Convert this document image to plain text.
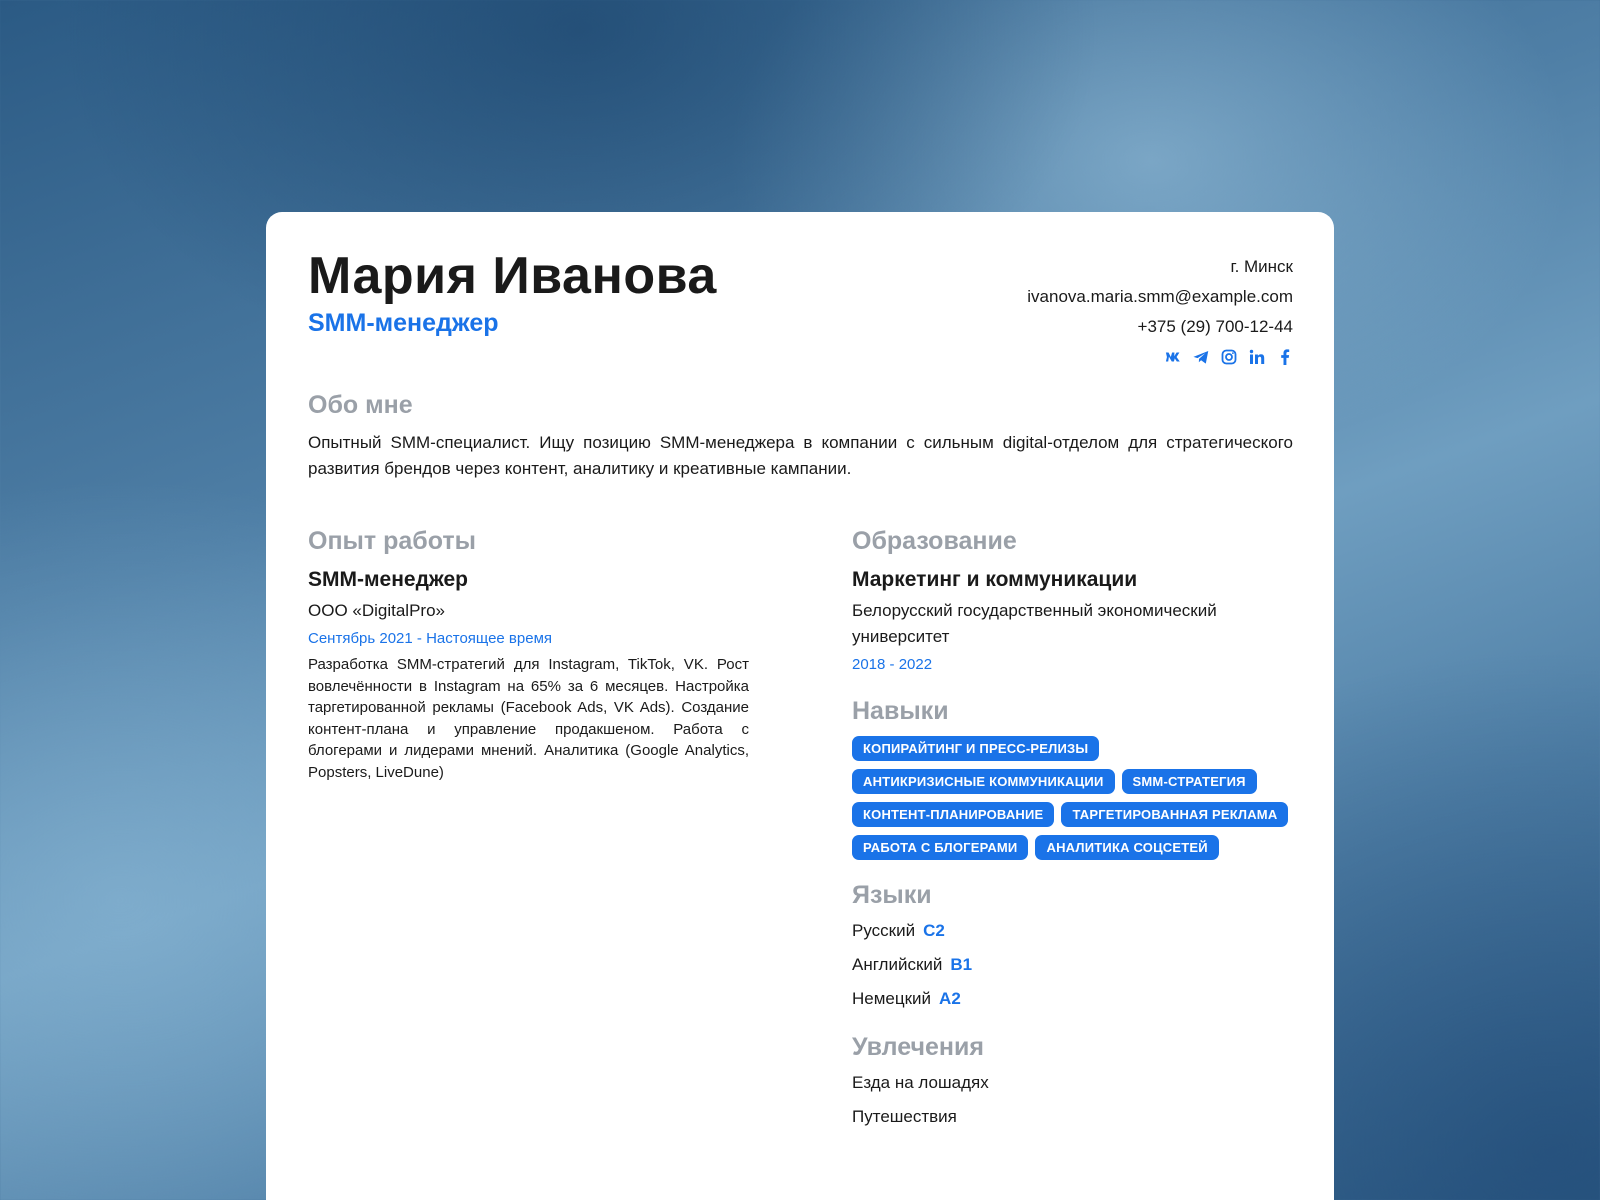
Мария Иванова
SMM-менеджер
г. Минск
ivanova.maria.smm@example.com
+375 (29) 700-12-44
Обо мне

Опытный SMM-специалист. Ищу позицию SMM-менеджера в компании с сильным digital-отделом для стратегического развития брендов через контент, аналитику и креативные кампании.

Опыт работы
SMM-менеджер
ООО «DigitalPro»
Сентябрь 2021 - Настоящее время
Разработка SMM-стратегий для Instagram, TikTok, VK. Рост вовлечённости в Instagram на 65% за 6 месяцев. Настройка таргетированной рекламы (Facebook Ads, VK Ads). Создание контент-плана и управление продакшеном. Работа с блогерами и лидерами мнений. Аналитика (Google Analytics, Popsters, LiveDune)
Образование
Маркетинг и коммуникации
Белорусский государственный экономический университет
2018 - 2022
Навыки
КОПИРАЙТИНГ И ПРЕСС-РЕЛИЗЫ
АНТИКРИЗИСНЫЕ КОММУНИКАЦИИ	SMM-СТРАТЕГИЯ
КОНТЕНТ-ПЛАНИРОВАНИЕ	ТАРГЕТИРОВАННАЯ РЕКЛАМА
РАБОТА С БЛОГЕРАМИ	АНАЛИТИКА СОЦСЕТЕЙ
Языки
Русский C2
Английский B1
Немецкий A2
Увлечения
Езда на лошадях
Путешествия
